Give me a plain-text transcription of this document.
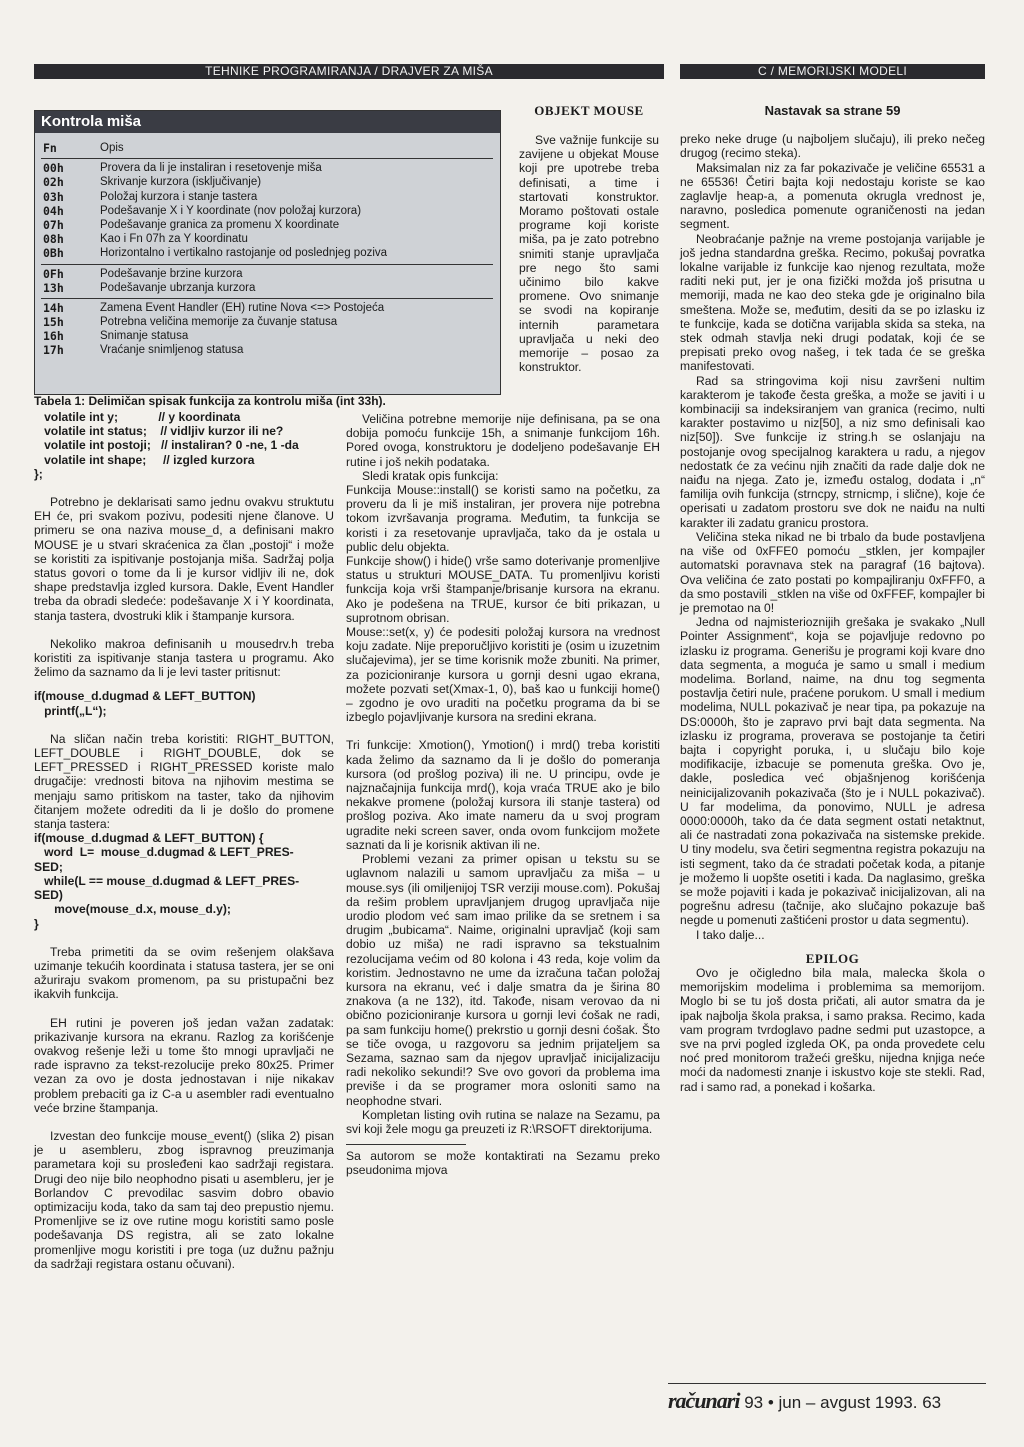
TEHNIKE PROGRAMIRANJA / DRAJVER ZA MIŠA	C / MEMORIJSKI MODELI
Kontrola miša
Fn	Opis
00h	Provera da li je instaliran i resetovenje miša
02h	Skrivanje kurzora (isključivanje)
03h	Položaj kurzora i stanje tastera
04h	Podešavanje X i Y koordinate (nov položaj kurzora)
07h	Podešavanje granica za promenu X koordinate
08h	Kao i Fn 07h za Y koordinatu
0Bh	Horizontalno i vertikalno rastojanje od poslednjeg poziva
0Fh	Podešavanje brzine kurzora
13h	Podešavanje ubrzanja kurzora
14h	Zamena Event Handler (EH) rutine Nova <=> Postojeća
15h	Potrebna veličina memorije za čuvanje statusa
16h	Snimanje statusa
17h	Vraćanje snimljenog statusa
Tabela 1: Delimičan spisak funkcija za kontrolu miša (int 33h).
volatile int y;            // y koordinata
volatile int status;    // vidljiv kurzor ili ne?
volatile int postoji;   // instaliran? 0 -ne, 1 -da
volatile int shape;     // izgled kurzora
};

Potrebno je deklarisati samo jednu ovakvu struktutu EH će, pri svakom pozivu, podesiti njene članove. U primeru se ona naziva mouse_d, a definisani makro MOUSE je u stvari skraćenica za član „postoji“ i može se koristiti za ispitivanje postojanja miša. Sadržaj polja status govori o tome da li je kursor vidljiv ili ne, dok shape predstavlja izgled kursora. Dakle, Event Handler treba da obradi sledeće: podešavanje X i Y koordinata, stanja tastera, dvostruki klik i štampanje kursora.

Nekoliko makroa definisanih u mousedrv.h treba koristiti za ispitivanje stanja tastera u programu. Ako želimo da saznamo da li je levi taster pritisnut:

if(mouse_d.dugmad & LEFT_BUTTON)
printf(„L“);

Na sličan način treba koristiti: RIGHT_BUTTON, LEFT_DOUBLE i RIGHT_DOUBLE, dok se LEFT_PRESSED i RIGHT_PRESSED koriste malo drugačije: vrednosti bitova na njihovim mestima se menjaju samo pritiskom na taster, tako da njihovim čitanjem možete odrediti da li je došlo do promene stanja tastera:

if(mouse_d.dugmad & LEFT_BUTTON) {
word  L=  mouse_d.dugmad & LEFT_PRES-
SED;
while(L == mouse_d.dugmad & LEFT_PRES-
SED)
move(mouse_d.x, mouse_d.y);
}

Treba primetiti da se ovim rešenjem olakšava uzimanje tekućih koordinata i statusa tastera, jer se oni ažuriraju svakom promenom, pa su pristupačni bez ikakvih funkcija.

EH rutini je poveren još jedan važan zadatak: prikazivanje kursora na ekranu. Razlog za korišćenje ovakvog rešenje leži u tome što mnogi upravljači ne rade ispravno za tekst-rezolucije preko 80x25. Primer vezan za ovo je dosta jednostavan i nije nikakav problem prebaciti ga iz C-a u asembler radi eventualno veće brzine štampanja.

Izvestan deo funkcije mouse_event() (slika 2) pisan je u asembleru, zbog ispravnog preuzimanja parametara koji su prosleđeni kao sadržaji registara. Drugi deo nije bilo neophodno pisati u asembleru, jer je Borlandov C prevodilac sasvim dobro obavio optimizaciju koda, tako da sam taj deo prepustio njemu. Promenljive se iz ove rutine mogu koristiti samo posle podešavanja DS registra, ali se zato lokalne promenljive mogu koristiti i pre toga (uz dužnu pažnju da sadržaji registara ostanu očuvani).

OBJEKT MOUSE

Sve važnije funkcije su zavijene u objekat Mouse koji pre upotrebe treba definisati, a time i startovati konstruktor. Moramo poštovati ostale programe koji koriste miša, pa je zato potrebno snimiti stanje upravljača pre nego što sami učinimo bilo kakve promene. Ovo snimanje se svodi na kopiranje internih parametara upravljača u neki deo memorije – posao za konstruktor.

Veličina potrebne memorije nije definisana, pa se ona dobija pomoću funkcije 15h, a snimanje funkcijom 16h. Pored ovoga, konstruktoru je dodeljeno podešavanje EH rutine i još nekih podataka.

Sledi kratak opis funkcija:

Funkcija Mouse::install() se koristi samo na početku, za proveru da li je miš instaliran, jer provera nije potrebna tokom izvršavanja programa. Međutim, ta funkcija se koristi i za resetovanje upravljača, tako da je ostala u public delu objekta.

Funkcije show() i hide() vrše samo doterivanje promenljive status u strukturi MOUSE_DATA. Tu promenljivu koristi funkcija koja vrši štampanje/brisanje kursora na ekranu. Ako je podešena na TRUE, kursor će biti prikazan, u suprotnom obrisan.

Mouse::set(x, y) će podesiti položaj kursora na vrednost koju zadate. Nije preporučljivo koristiti je (osim u izuzetnim slučajevima), jer se time korisnik može zbuniti. Na primer, za pozicioniranje kursora u gornji desni ugao ekrana, možete pozvati set(Xmax-1, 0), baš kao u funkciji home() – zgodno je ovo uraditi na početku programa da bi se izbeglo pojavljivanje kursora na sredini ekrana.

Tri funkcije: Xmotion(), Ymotion() i mrd() treba koristiti kada želimo da saznamo da li je došlo do pomeranja kursora (od prošlog poziva) ili ne. U principu, ovde je najznačajnija funkcija mrd(), koja vraća TRUE ako je bilo nekakve promene (položaj kursora ili stanje tastera) od prošlog poziva. Ako imate nameru da u svoj program ugradite neki screen saver, onda ovom funkcijom možete saznati da li je korisnik aktivan ili ne.

Problemi vezani za primer opisan u tekstu su se uglavnom nalazili u samom upravljaču za miša – u mouse.sys (ili omiljenijoj TSR verziji mouse.com). Pokušaj da rešim problem upravljanjem drugog upravljača nije urodio plodom već sam imao prilike da se sretnem i sa drugim „bubicama“. Naime, originalni upravljač (koji sam dobio uz miša) ne radi ispravno sa tekstualnim rezolucijama većim od 80 kolona i 43 reda, koje volim da koristim. Jednostavno ne ume da izračuna tačan položaj kursora na ekranu, već i dalje smatra da je širina 80 znakova (a ne 132), itd. Takođe, nisam verovao da ni obično pozicioniranje kursora u gornji levi ćošak ne radi, pa sam funkciju home() prekrstio u gornji desni ćošak. Što se tiče ovoga, u razgovoru sa jednim prijateljem sa Sezama, saznao sam da njegov upravljač inicijalizaciju radi nekoliko sekundi!? Sve ovo govori da problema ima previše i da se programer mora osloniti samo na neophodne stvari.

Kompletan listing ovih rutina se nalaze na Sezamu, pa svi koji žele mogu ga preuzeti iz R:\RSOFT direktorijuma.

Sa autorom se može kontaktirati na Sezamu preko pseudonima mjova

Nastavak sa strane 59

preko neke druge (u najboljem slučaju), ili preko nečeg drugog (recimo steka).

Maksimalan niz za far pokazivače je veličine 65531 a ne 65536! Četiri bajta koji nedostaju koriste se kao zaglavlje heap-a, a pomenuta okrugla vrednost je, naravno, posledica pomenute ograničenosti na jedan segment.

Neobraćanje pažnje na vreme postojanja varijable je još jedna standardna greška. Recimo, pokušaj povratka lokalne varijable iz funkcije kao njenog rezultata, može raditi neki put, jer je ona fizički možda još prisutna u memoriji, mada ne kao deo steka gde je originalno bila smeštena. Može se, međutim, desiti da se po izlasku iz te funkcije, kada se dotična varijabla skida sa steka, na stek odmah stavlja neki drugi podatak, koji će se prepisati preko ovog našeg, i tek tada će se greška manifestovati.

Rad sa stringovima koji nisu završeni nultim karakterom je takođe česta greška, a može se javiti i u kombinaciji sa indeksiranjem van granica (recimo, nulti karakter postavimo u niz[50], a niz smo definisali kao niz[50]). Sve funkcije iz string.h se oslanjaju na postojanje ovog specijalnog karaktera u radu, a njegov nedostatk će za većinu njih značiti da rade dalje dok ne naiđu na njega. Zato je, između ostalog, dodata i „n“ familija ovih funkcija (strncpy, strnicmp, i slične), koje će operisati u zadatom prostoru sve dok ne naiđu na nulti karakter ili zadatu granicu prostora.

Veličina steka nikad ne bi trbalo da bude postavljena na više od 0xFFE0 pomoću _stklen, jer kompajler automatski poravnava stek na paragraf (16 bajtova). Ova veličina će zato postati po kompajliranju 0xFFF0, a da smo postavili _stklen na više od 0xFFEF, kompajler bi je premotao na 0!

Jedna od najmisterioznijih grešaka je svakako „Null Pointer Assignment“, koja se pojavljuje redovno po izlasku iz programa. Generišu je programi koji kvare dno data segmenta, a moguća je samo u small i medium modelima. Borland, naime, na dnu tog segmenta postavlja četiri nule, praćene porukom. U small i medium modelima, NULL pokazivač je near tipa, pa pokazuje na DS:0000h, što je zapravo prvi bajt data segmenta. Na izlasku iz programa, proverava se postojanje ta četiri bajta i copyright poruka, i, u slučaju bilo koje modifikacije, izbacuje se pomenuta greška. Ovo je, dakle, posledica već objašnjenog korišćenja neinicijalizovanih pokazivača (što je i NULL pokazivač). U far modelima, da ponovimo, NULL je adresa 0000:0000h, tako da će data segment ostati netaktnut, ali će nastradati zona pokazivača na sistemske prekide. U tiny modelu, sva četiri segmentna registra pokazuju na isti segment, tako da će stradati početak koda, a pitanje je možemo li uopšte osetiti i kada. Da naglasimo, greška se može pojaviti i kada je pokazivač inicijalizovan, ali na pogrešnu adresu (tačnije, ako slučajno pokazuje baš negde u pomenuti zaštićeni prostor u data segmentu).

I tako dalje...

EPILOG

Ovo je očigledno bila mala, malecka škola o memorijskim modelima i problemima sa memorijom. Moglo bi se tu još dosta pričati, ali autor smatra da je ipak najbolja škola praksa, i samo praksa. Recimo, kada vam program tvrdoglavo padne sedmi put uzastopce, a sve na prvi pogled izgleda OK, pa onda provedete celu noć pred monitorom tražeći grešku, nijedna knjiga neće moći da nadomesti znanje i iskustvo koje ste stekli. Rad, rad i samo rad, a ponekad i košarka.

računari 93 • jun – avgust 1993. 63
